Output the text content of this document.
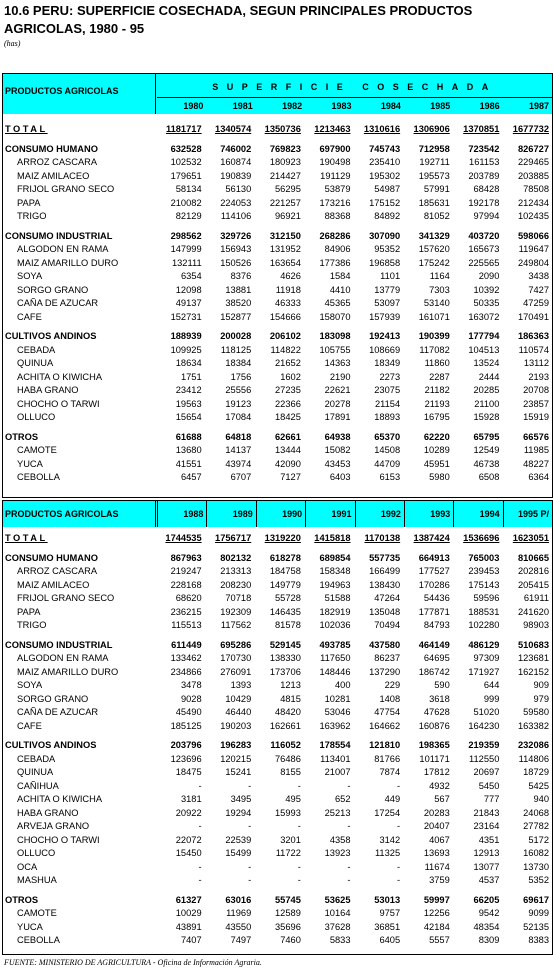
10.6 PERU: SUPERFICIE COSECHADA, SEGUN PRINCIPALES PRODUCTOS AGRICOLAS, 1980 - 95
(has)
PRODUCTOS AGRICOLAS	SUPERFICIE COSECHADA
1980	1981	1982	1983	1984	1985	1986	1987
TOTAL	1181717	1340574	1350736	1213463	1310616	1306906	1370851	1677732
CONSUMO HUMANO	632528	746002	769823	697900	745743	712958	723542	826727
ARROZ CASCARA	102532	160874	180923	190498	235410	192711	161153	229465
MAIZ AMILACEO	179651	190839	214427	191129	195302	195573	203789	203885
FRIJOL GRANO SECO	58134	56130	56295	53879	54987	57991	68428	78508
PAPA	210082	224053	221257	173216	175152	185631	192178	212434
TRIGO	82129	114106	96921	88368	84892	81052	97994	102435
CONSUMO INDUSTRIAL	298562	329726	312150	268286	307090	341329	403720	598066
ALGODON EN RAMA	147999	156943	131952	84906	95352	157620	165673	119647
MAIZ AMARILLO DURO	132111	150526	163654	177386	196858	175242	225565	249804
SOYA	6354	8376	4626	1584	1101	1164	2090	3438
SORGO GRANO	12098	13881	11918	4410	13779	7303	10392	7427
CAÑA DE AZUCAR	49137	38520	46333	45365	53097	53140	50335	47259
CAFE	152731	152877	154666	158070	157939	161071	163072	170491
CULTIVOS ANDINOS	188939	200028	206102	183098	192413	190399	177794	186363
CEBADA	109925	118125	114822	105755	108669	117082	104513	110574
QUINUA	18634	18384	21652	14363	18349	11860	13524	13112
ACHITA O KIWICHA	1751	1756	1602	2190	2273	2287	2444	2193
HABA GRANO	23412	25556	27235	22621	23075	21182	20285	20708
CHOCHO O TARWI	19563	19123	22366	20278	21154	21193	21100	23857
OLLUCO	15654	17084	18425	17891	18893	16795	15928	15919
OTROS	61688	64818	62661	64938	65370	62220	65795	66576
CAMOTE	13680	14137	13444	15082	14508	10289	12549	11985
YUCA	41551	43974	42090	43453	44709	45951	46738	48227
CEBOLLA	6457	6707	7127	6403	6153	5980	6508	6364
PRODUCTOS AGRICOLAS	1988	1989	1990	1991	1992	1993	1994	1995 P/
TOTAL	1744535	1756717	1319220	1415818	1170138	1387424	1536696	1623051
CONSUMO HUMANO	867963	802132	618278	689854	557735	664913	765003	810665
ARROZ CASCARA	219247	213313	184758	158348	166499	177527	239453	202816
MAIZ AMILACEO	228168	208230	149779	194963	138430	170286	175143	205415
FRIJOL GRANO SECO	68620	70718	55728	51588	47264	54436	59596	61911
PAPA	236215	192309	146435	182919	135048	177871	188531	241620
TRIGO	115513	117562	81578	102036	70494	84793	102280	98903
CONSUMO INDUSTRIAL	611449	695286	529145	493785	437580	464149	486129	510683
ALGODON EN RAMA	133462	170730	138330	117650	86237	64695	97309	123681
MAIZ AMARILLO DURO	234866	276091	173706	148446	137290	186742	171927	162152
SOYA	3478	1393	1213	400	229	590	644	909
SORGO GRANO	9028	10429	4815	10281	1408	3618	999	979
CAÑA DE AZUCAR	45490	46440	48420	53046	47754	47628	51020	59580
CAFE	185125	190203	162661	163962	164662	160876	164230	163382
CULTIVOS ANDINOS	203796	196283	116052	178554	121810	198365	219359	232086
CEBADA	123696	120215	76486	113401	81766	101171	112550	114806
QUINUA	18475	15241	8155	21007	7874	17812	20697	18729
CAÑIHUA	-	-	-	-	-	4932	5450	5425
ACHITA O KIWICHA	3181	3495	495	652	449	567	777	940
HABA GRANO	20922	19294	15993	25213	17254	20283	21843	24068
ARVEJA GRANO	-	-	-	-	-	20407	23164	27782
CHOCHO O TARWI	22072	22539	3201	4358	3142	4067	4351	5172
OLLUCO	15450	15499	11722	13923	11325	13693	12913	16082
OCA	-	-	-	-	-	11674	13077	13730
MASHUA	-	-	-	-	-	3759	4537	5352
OTROS	61327	63016	55745	53625	53013	59997	66205	69617
CAMOTE	10029	11969	12589	10164	9757	12256	9542	9099
YUCA	43891	43550	35696	37628	36851	42184	48354	52135
CEBOLLA	7407	7497	7460	5833	6405	5557	8309	8383
FUENTE: MINISTERIO DE AGRICULTURA - Oficina de Información Agraria.
